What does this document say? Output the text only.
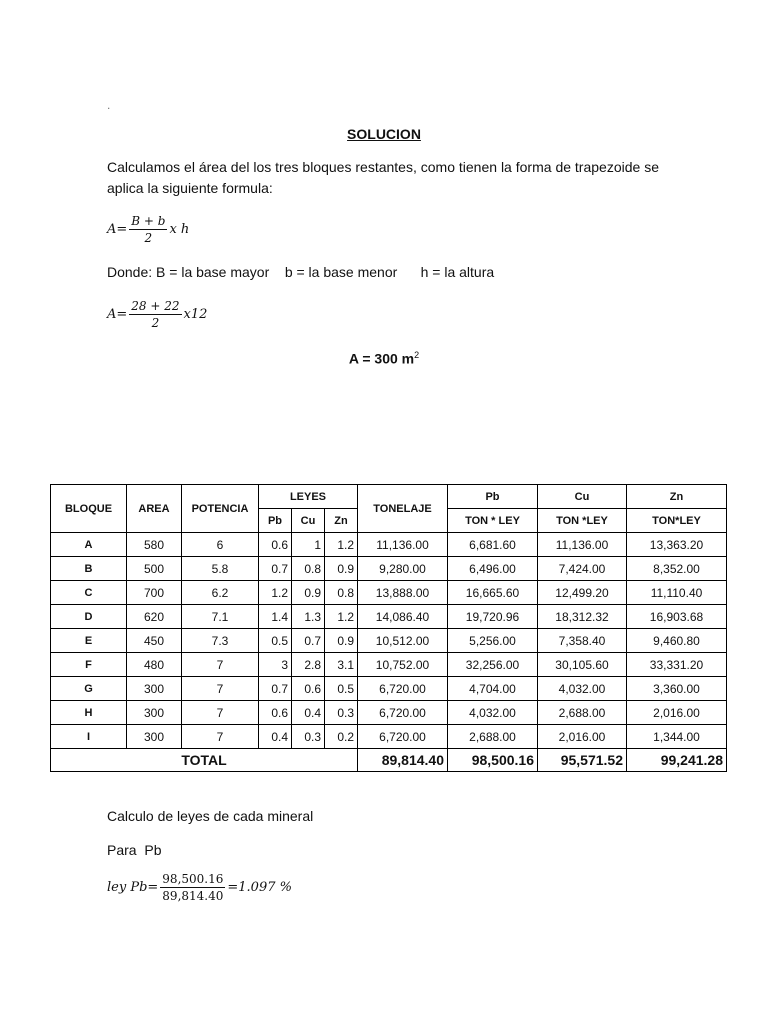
.
SOLUCION
Calculamos el área del los tres bloques restantes, como tienen la forma de trapezoide se aplica la siguiente formula:
$A= \frac{B + b}{2}$ x h
Donde: B = la base mayor    b = la base menor      h = la altura
$A= \frac{28 + 22}{2} x12$
A = 300 $m^2$
BLOQUE	AREA	POTENCIA	LEYES			TONELAJE	Pb	Cu	Zn
			Pb	Cu	Zn		TON * LEY	TON *LEY	TON*LEY
A	580	6	0.6	1	1.2	11,136.00	6,681.60	11,136.00	13,363.20
B	500	5.8	0.7	0.8	0.9	9,280.00	6,496.00	7,424.00	8,352.00
C	700	6.2	1.2	0.9	0.8	13,888.00	16,665.60	12,499.20	11,110.40
D	620	7.1	1.4	1.3	1.2	14,086.40	19,720.96	18,312.32	16,903.68
E	450	7.3	0.5	0.7	0.9	10,512.00	5,256.00	7,358.40	9,460.80
F	480	7	3	2.8	3.1	10,752.00	32,256.00	30,105.60	33,331.20
G	300	7	0.7	0.6	0.5	6,720.00	4,704.00	4,032.00	3,360.00
H	300	7	0.6	0.4	0.3	6,720.00	4,032.00	2,688.00	2,016.00
I	300	7	0.4	0.3	0.2	6,720.00	2,688.00	2,016.00	1,344.00
TOTAL						89,814.40	98,500.16	95,571.52	99,241.28
Calculo de leyes de cada mineral
Para  Pb
ley $Pb= \frac{98,500.16}{89,814.40} =1.097$ %
